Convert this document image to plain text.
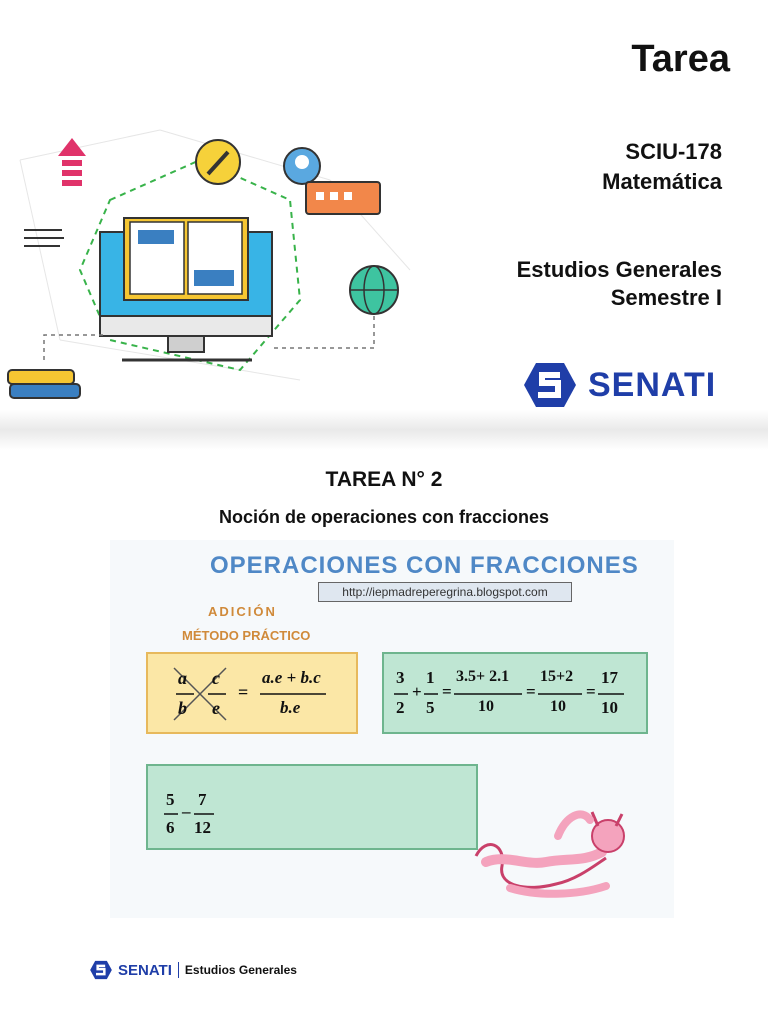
Tarea
SCIU-178
Matemática
Estudios Generales
Semestre I
SENATI
TAREA N° 2
Noción de operaciones con fracciones
OPERACIONES CON FRACCIONES
http://iepmadreperegrina.blogspot.com
ADICIÓN
MÉTODO PRÁCTICO
a
b
c
e
=
a.e + b.c
b.e
3
2
+
1
5
=
3.5+ 2.1
10
=
15+2
10
=
17
10
5
6
–
7
12
SENATI Estudios Generales
